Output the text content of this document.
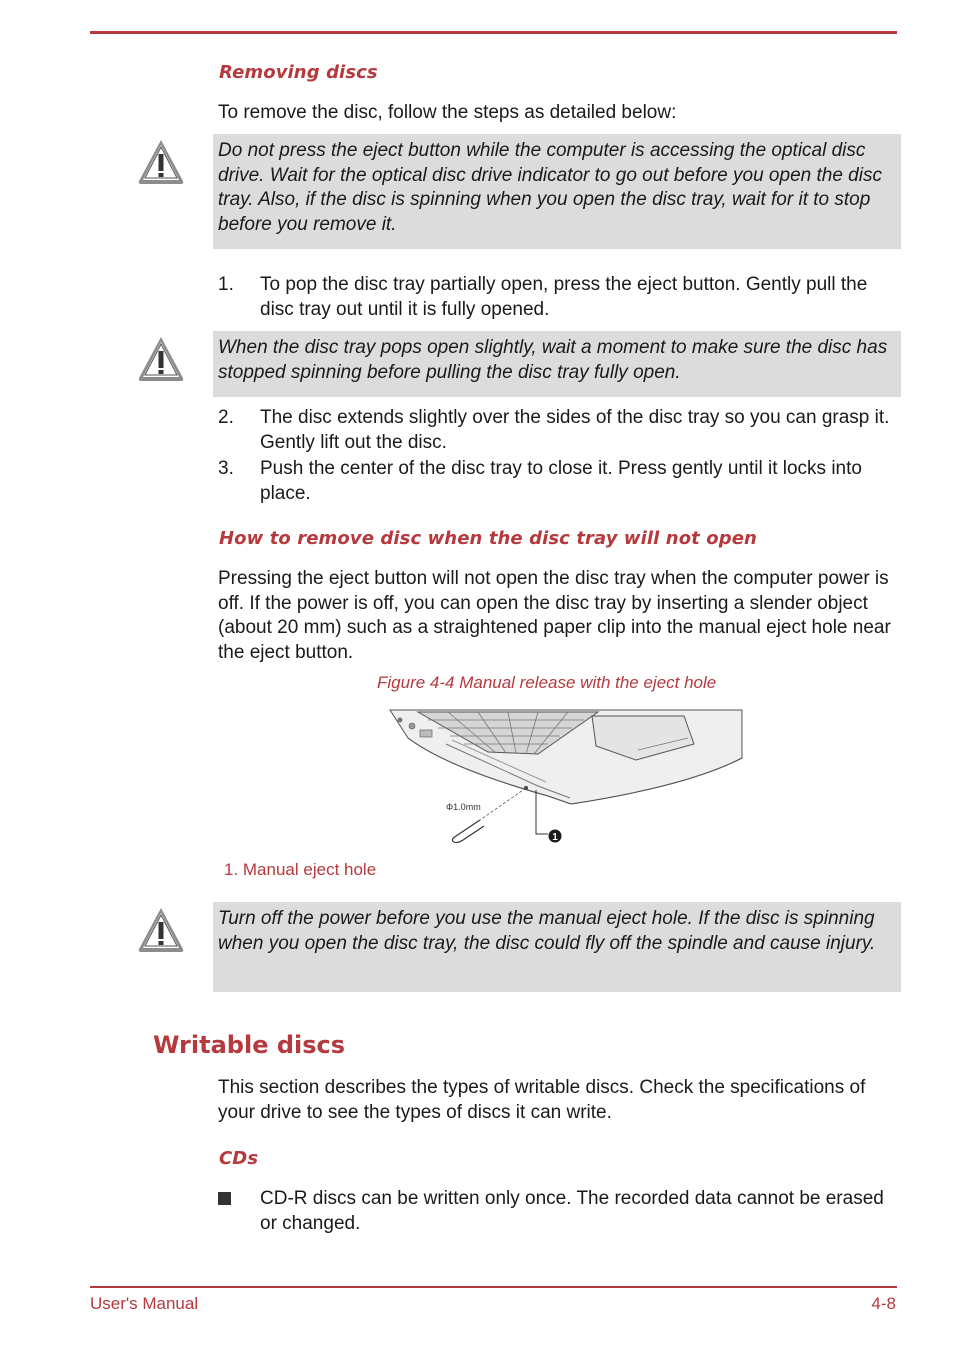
Removing discs
To remove the disc, follow the steps as detailed below:
Do not press the eject button while the computer is accessing the optical disc drive. Wait for the optical disc drive indicator to go out before you open the disc tray. Also, if the disc is spinning when you open the disc tray, wait for it to stop before you remove it.
1. To pop the disc tray partially open, press the eject button. Gently pull the disc tray out until it is fully opened.
When the disc tray pops open slightly, wait a moment to make sure the disc has stopped spinning before pulling the disc tray fully open.
2. The disc extends slightly over the sides of the disc tray so you can grasp it. Gently lift out the disc.
3. Push the center of the disc tray to close it. Press gently until it locks into place.
How to remove disc when the disc tray will not open
Pressing the eject button will not open the disc tray when the computer power is off. If the power is off, you can open the disc tray by inserting a slender object (about 20 mm) such as a straightened paper clip into the manual eject hole near the eject button.
Figure 4-4 Manual release with the eject hole
Φ1.0mm
1
1. Manual eject hole
Turn off the power before you use the manual eject hole. If the disc is spinning when you open the disc tray, the disc could fly off the spindle and cause injury.
Writable discs
This section describes the types of writable discs. Check the specifications of your drive to see the types of discs it can write.
CDs
CD-R discs can be written only once. The recorded data cannot be erased or changed.
User's Manual	4-8
